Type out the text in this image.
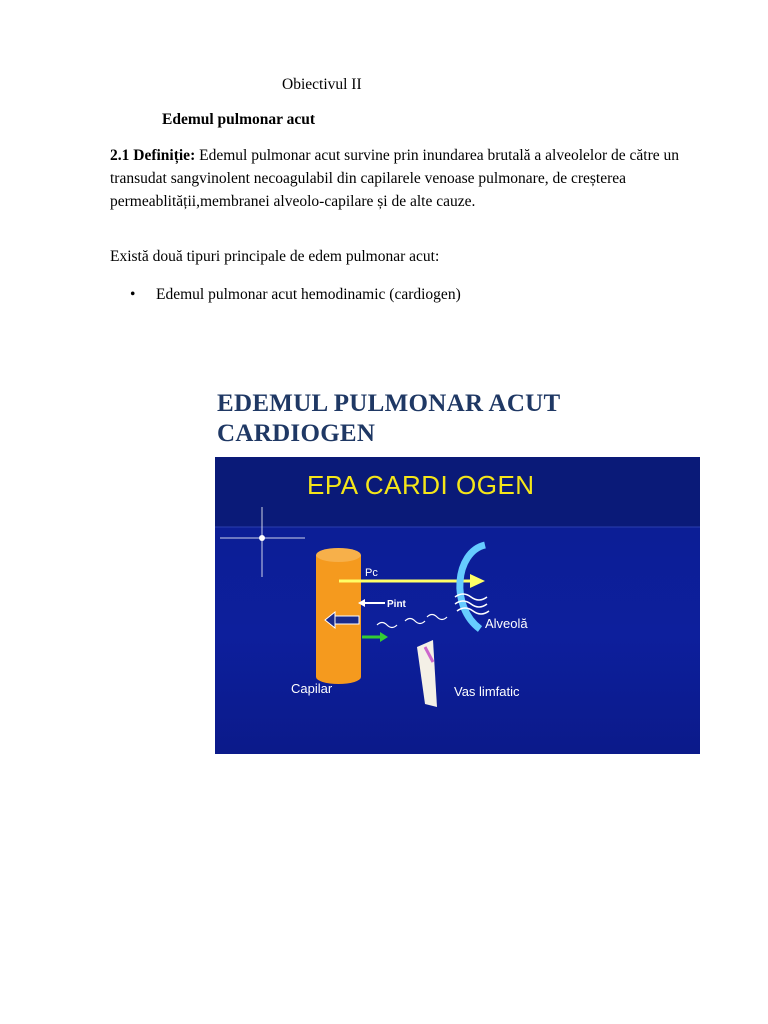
Obiectivul II
Edemul pulmonar acut
2.1 Definiție: Edemul pulmonar acut survine prin inundarea brutală a alveolelor de către un transudat sangvinolent necoagulabil din capilarele venoase pulmonare, de creșterea permeablității,membranei alveolo-capilare și de alte cauze.
Există două tipuri principale de edem pulmonar acut:
• Edemul pulmonar acut hemodinamic (cardiogen)
EDEMUL PULMONAR ACUT
CARDIOGEN
EPA CARDI OGEN
Pc
Pint
Alveolă
Capilar	Vas limfatic
